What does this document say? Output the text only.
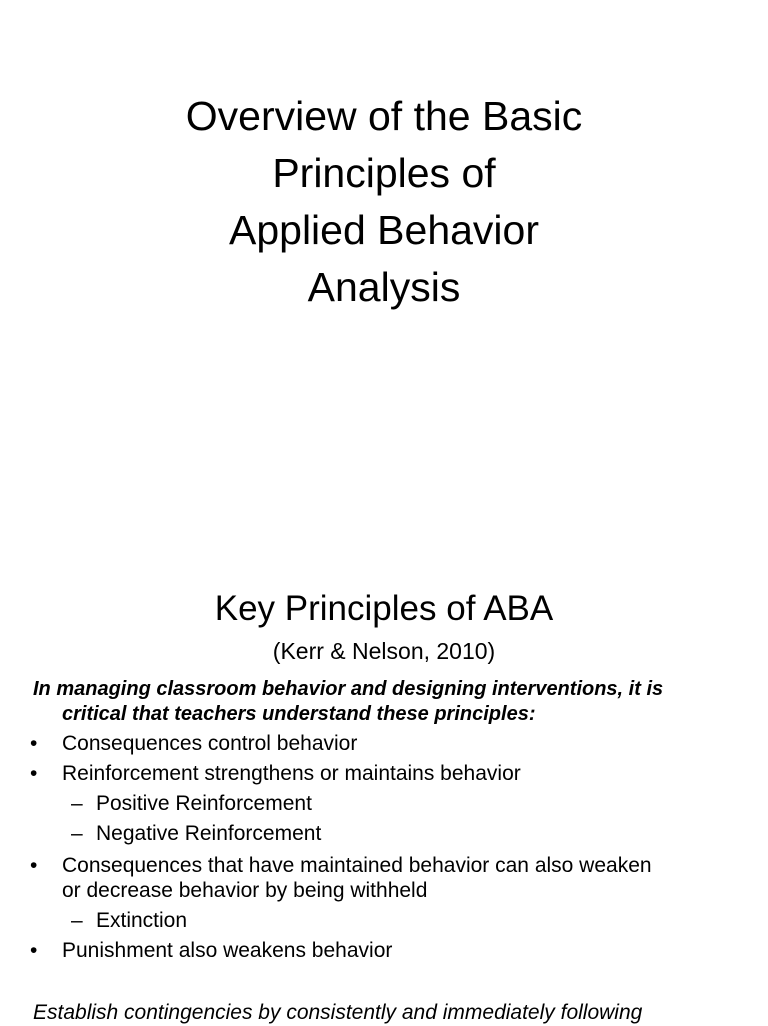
Overview of the Basic
Principles of
Applied Behavior
Analysis
Key Principles of ABA
(Kerr & Nelson, 2010)
In managing classroom behavior and designing interventions, it is
critical that teachers understand these principles:
•	Consequences control behavior
•	Reinforcement strengthens or maintains behavior
– Positive Reinforcement
– Negative Reinforcement
• Consequences that have maintained behavior can also weaken
or decrease behavior by being withheld
– Extinction
•	Punishment also weakens behavior
Establish contingencies by consistently and immediately following
